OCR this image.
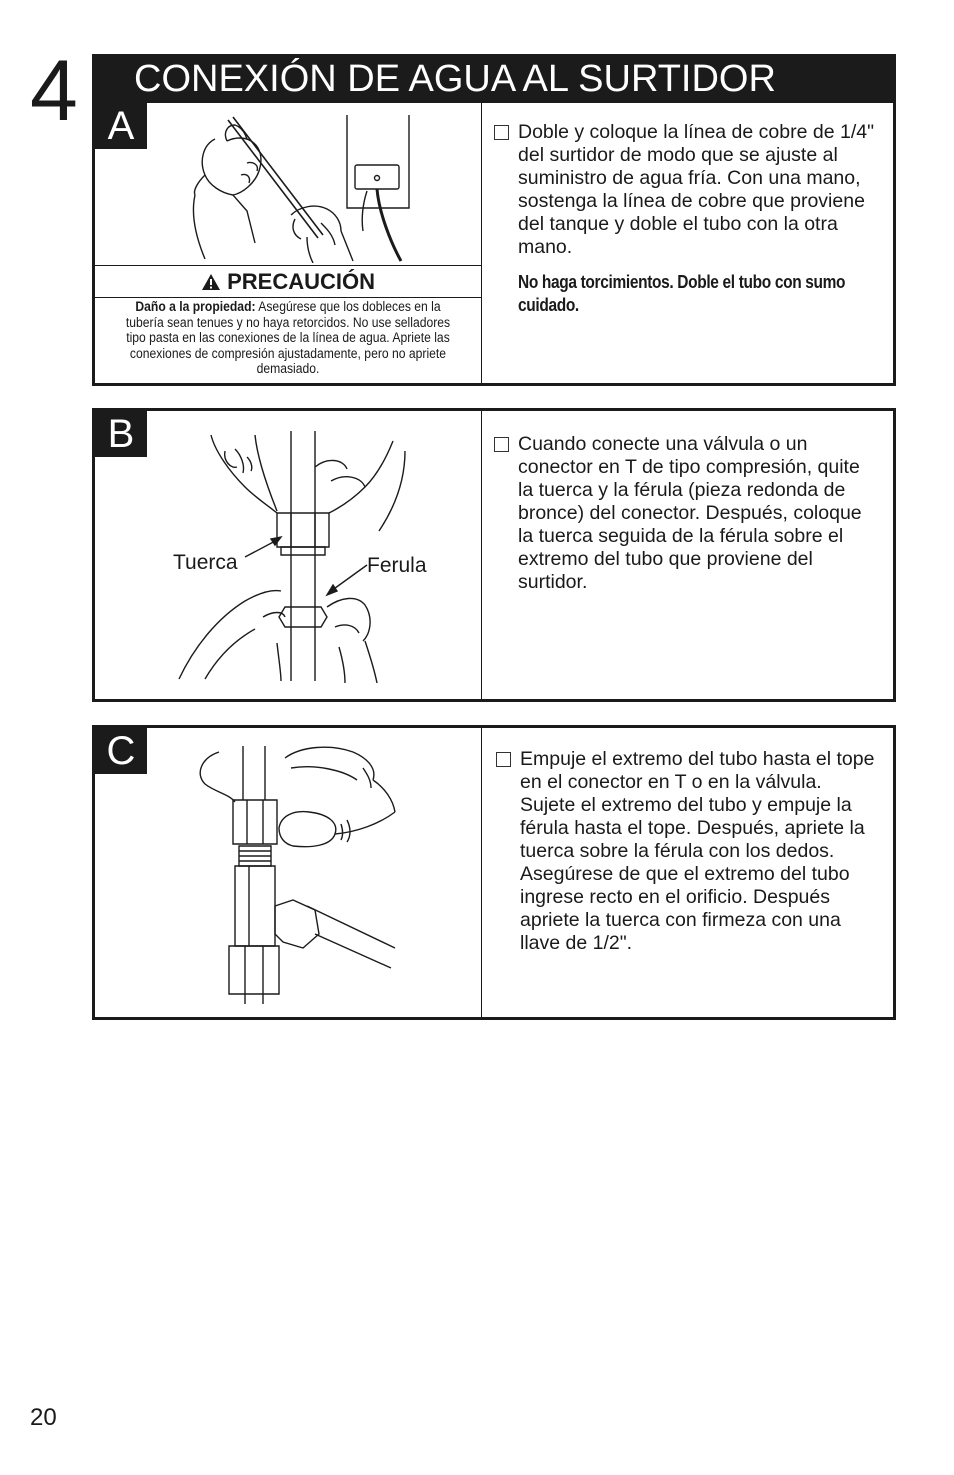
4	CONEXIÓN DE AGUA AL SURTIDOR
A
PRECAUCIÓN
Daño a la propiedad: Asegúrese que los dobleces en la tubería sean tenues y no haya retorcidos. No use selladores tipo pasta en las conexiones de la línea de agua. Apriete las conexiones de compresión ajustadamente, pero no apriete demasiado.
Doble y coloque la línea de cobre de 1/4" del surtidor de modo que se ajuste al suministro de agua fría. Con una mano, sostenga la línea de cobre que proviene del tanque y doble el tubo con la otra mano.
No haga torcimientos. Doble el tubo con sumo cuidado.
B
Tuerca	Ferula
Cuando conecte una válvula o un conector en T de tipo compresión, quite la tuerca y la férula (pieza redonda de bronce) del conector. Después, coloque la tuerca seguida de la férula sobre el extremo del tubo que proviene del surtidor.
C	Empuje el extremo del tubo hasta el tope en el conector en T o en la válvula. Sujete el extremo del tubo y empuje la férula hasta el tope. Después, apriete la tuerca sobre la férula con los dedos. Asegúrese de que el extremo del tubo ingrese recto en el orificio. Después apriete la tuerca con firmeza con una llave de 1/2".
20
